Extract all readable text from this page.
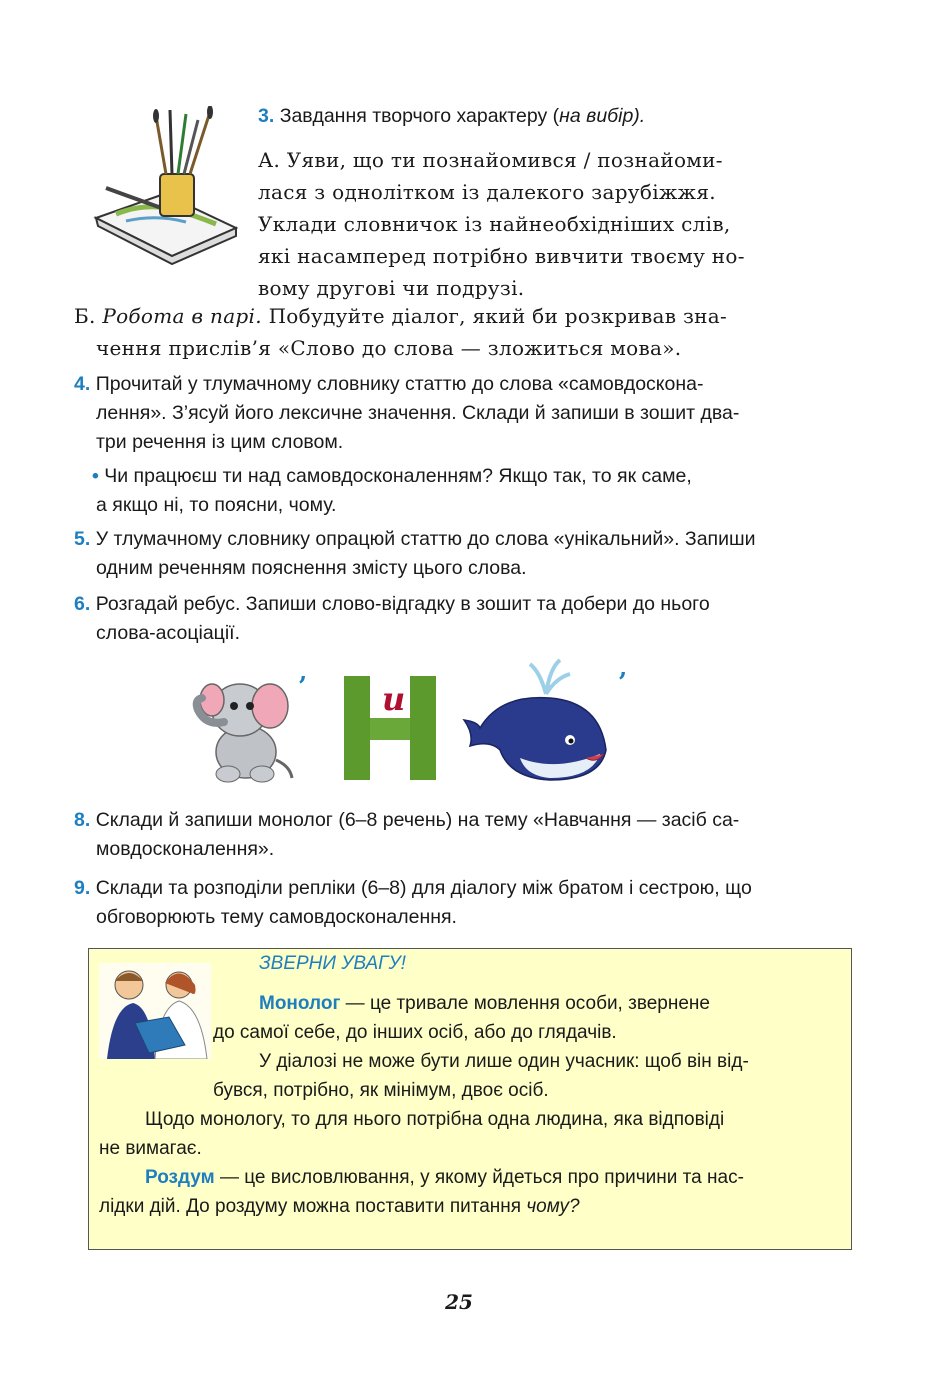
3. Завдання творчого характеру (на вибір).
А. Уяви, що ти познайомився / познайоми-
лася з однолітком із далекого зарубіжжя.
Уклади словничок із найнеобхідніших слів,
які насамперед потрібно вивчити твоєму но-
вому другові чи подрузі.
Б. Робота в парі. Побудуйте діалог, який би розкривав зна-
чення прислів’я «Слово до слова — зложиться мова».
4. Прочитай у тлумачному словнику статтю до слова «самовдоскона-
лення». З’ясуй його лексичне значення. Склади й запиши в зошит два-
три речення із цим словом.
• Чи працюєш ти над самовдосконаленням? Якщо так, то як саме,
а якщо ні, то поясни, чому.
5. У тлумачному словнику опрацюй статтю до слова «унікальний». Запиши
одним реченням пояснення змісту цього слова.
6. Розгадай ребус. Запиши слово-відгадку в зошит та добери до нього
слова-асоціації.
’ и	’
8. Склади й запиши монолог (6–8 речень) на тему «Навчання — засіб са-
мовдосконалення».
9. Склади та розподіли репліки (6–8) для діалогу між братом і сестрою, що
обговорюють тему самовдосконалення.
ЗВЕРНИ УВАГУ!
Монолог — це тривале мовлення особи, звернене
до самої себе, до інших осіб, або до глядачів.
У діалозі не може бути лише один учасник: щоб він від-
бувся, потрібно, як мінімум, двоє осіб.
Щодо монологу, то для нього потрібна одна людина, яка відповіді
не вимагає.
Роздум — це висловлювання, у якому йдеться про причини та нас-
лідки дій. До роздуму можна поставити питання чому?
25
